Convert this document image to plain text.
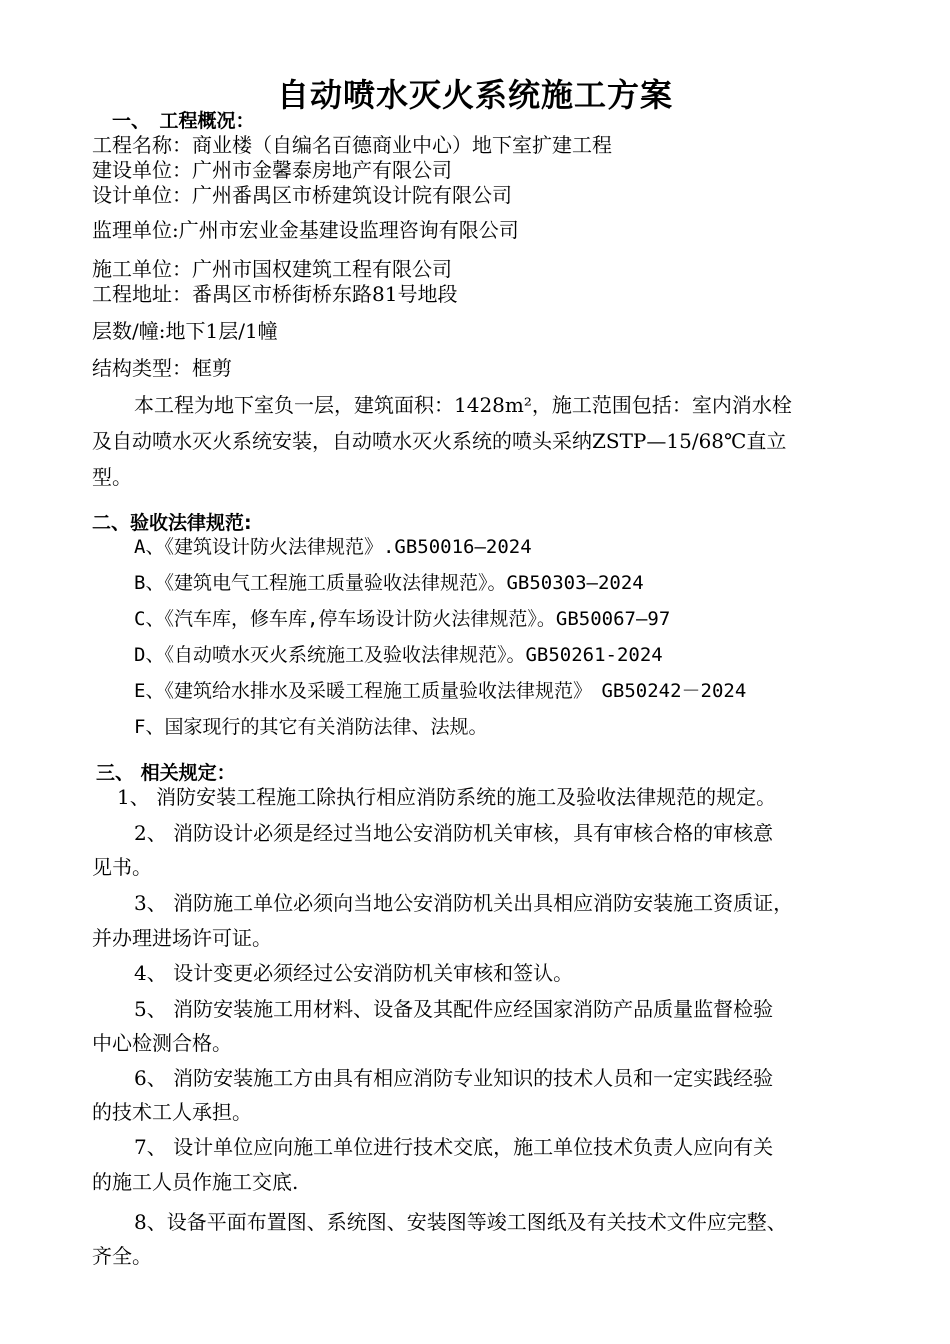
自动喷水灭火系统施工方案
一、　工程概况：
工程名称：商业楼（自编名百德商业中心）地下室扩建工程
建设单位：广州市金馨泰房地产有限公司
设计单位：广州番禺区市桥建筑设计院有限公司
监理单位:广州市宏业金基建设监理咨询有限公司
施工单位：广州市国权建筑工程有限公司
工程地址：番禺区市桥街桥东路81号地段
层数/幢:地下1层/1幢
结构类型：框剪
本工程为地下室负一层，建筑面积：1428m²，施工范围包括：室内消水栓
及自动喷水灭火系统安装，自动喷水灭火系统的喷头采纳ZSTP—15/68℃直立
型。
二、验收法律规范:
A、《建筑设计防火法律规范》.GB50016—2024
B、《建筑电气工程施工质量验收法律规范》。GB50303—2024
C、《汽车库，修车库,停车场设计防火法律规范》。GB50067—97
D、《自动喷水灭火系统施工及验收法律规范》。GB50261-2024
E、《建筑给水排水及采暖工程施工质量验收法律规范》　GB50242－2024
F、国家现行的其它有关消防法律、法规。
三、 相关规定：
1、 消防安装工程施工除执行相应消防系统的施工及验收法律规范的规定。
2、 消防设计必须是经过当地公安消防机关审核，具有审核合格的审核意
见书。
3、 消防施工单位必须向当地公安消防机关出具相应消防安装施工资质证，
并办理进场许可证。
4、 设计变更必须经过公安消防机关审核和签认。
5、 消防安装施工用材料、设备及其配件应经国家消防产品质量监督检验
中心检测合格。
6、 消防安装施工方由具有相应消防专业知识的技术人员和一定实践经验
的技术工人承担。
7、 设计单位应向施工单位进行技术交底，施工单位技术负责人应向有关
的施工人员作施工交底.
8、设备平面布置图、系统图、安装图等竣工图纸及有关技术文件应完整、
齐全。
